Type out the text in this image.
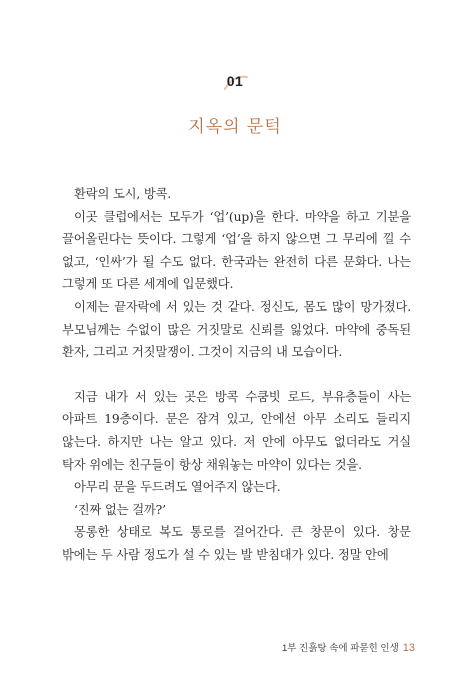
01
지옥의 문턱

환락의 도시, 방콕.

이곳 클럽에서는 모두가 ‘업’(up)을 한다. 마약을 하고 기분을 끌어올린다는 뜻이다. 그렇게 ‘업’을 하지 않으면 그 무리에 낄 수 없고, ‘인싸’가 될 수도 없다. 한국과는 완전히 다른 문화다. 나는 그렇게 또 다른 세계에 입문했다.

이제는 끝자락에 서 있는 것 같다. 정신도, 몸도 많이 망가졌다. 부모님께는 수없이 많은 거짓말로 신뢰를 잃었다. 마약에 중독된 환자, 그리고 거짓말쟁이. 그것이 지금의 내 모습이다.

지금 내가 서 있는 곳은 방콕 수쿰빗 로드, 부유층들이 사는 아파트 19층이다. 문은 잠겨 있고, 안에선 아무 소리도 들리지 않는다. 하지만 나는 알고 있다. 저 안에 아무도 없더라도 거실 탁자 위에는 친구들이 항상 채워놓는 마약이 있다는 것을.

아무리 문을 두드려도 열어주지 않는다.

‘진짜 없는 걸까?’

몽롱한 상태로 복도 통로를 걸어간다. 큰 창문이 있다. 창문 밖에는 두 사람 정도가 설 수 있는 발 받침대가 있다. 정말 안에

1부 진흙탕 속에 파묻힌 인생 13
